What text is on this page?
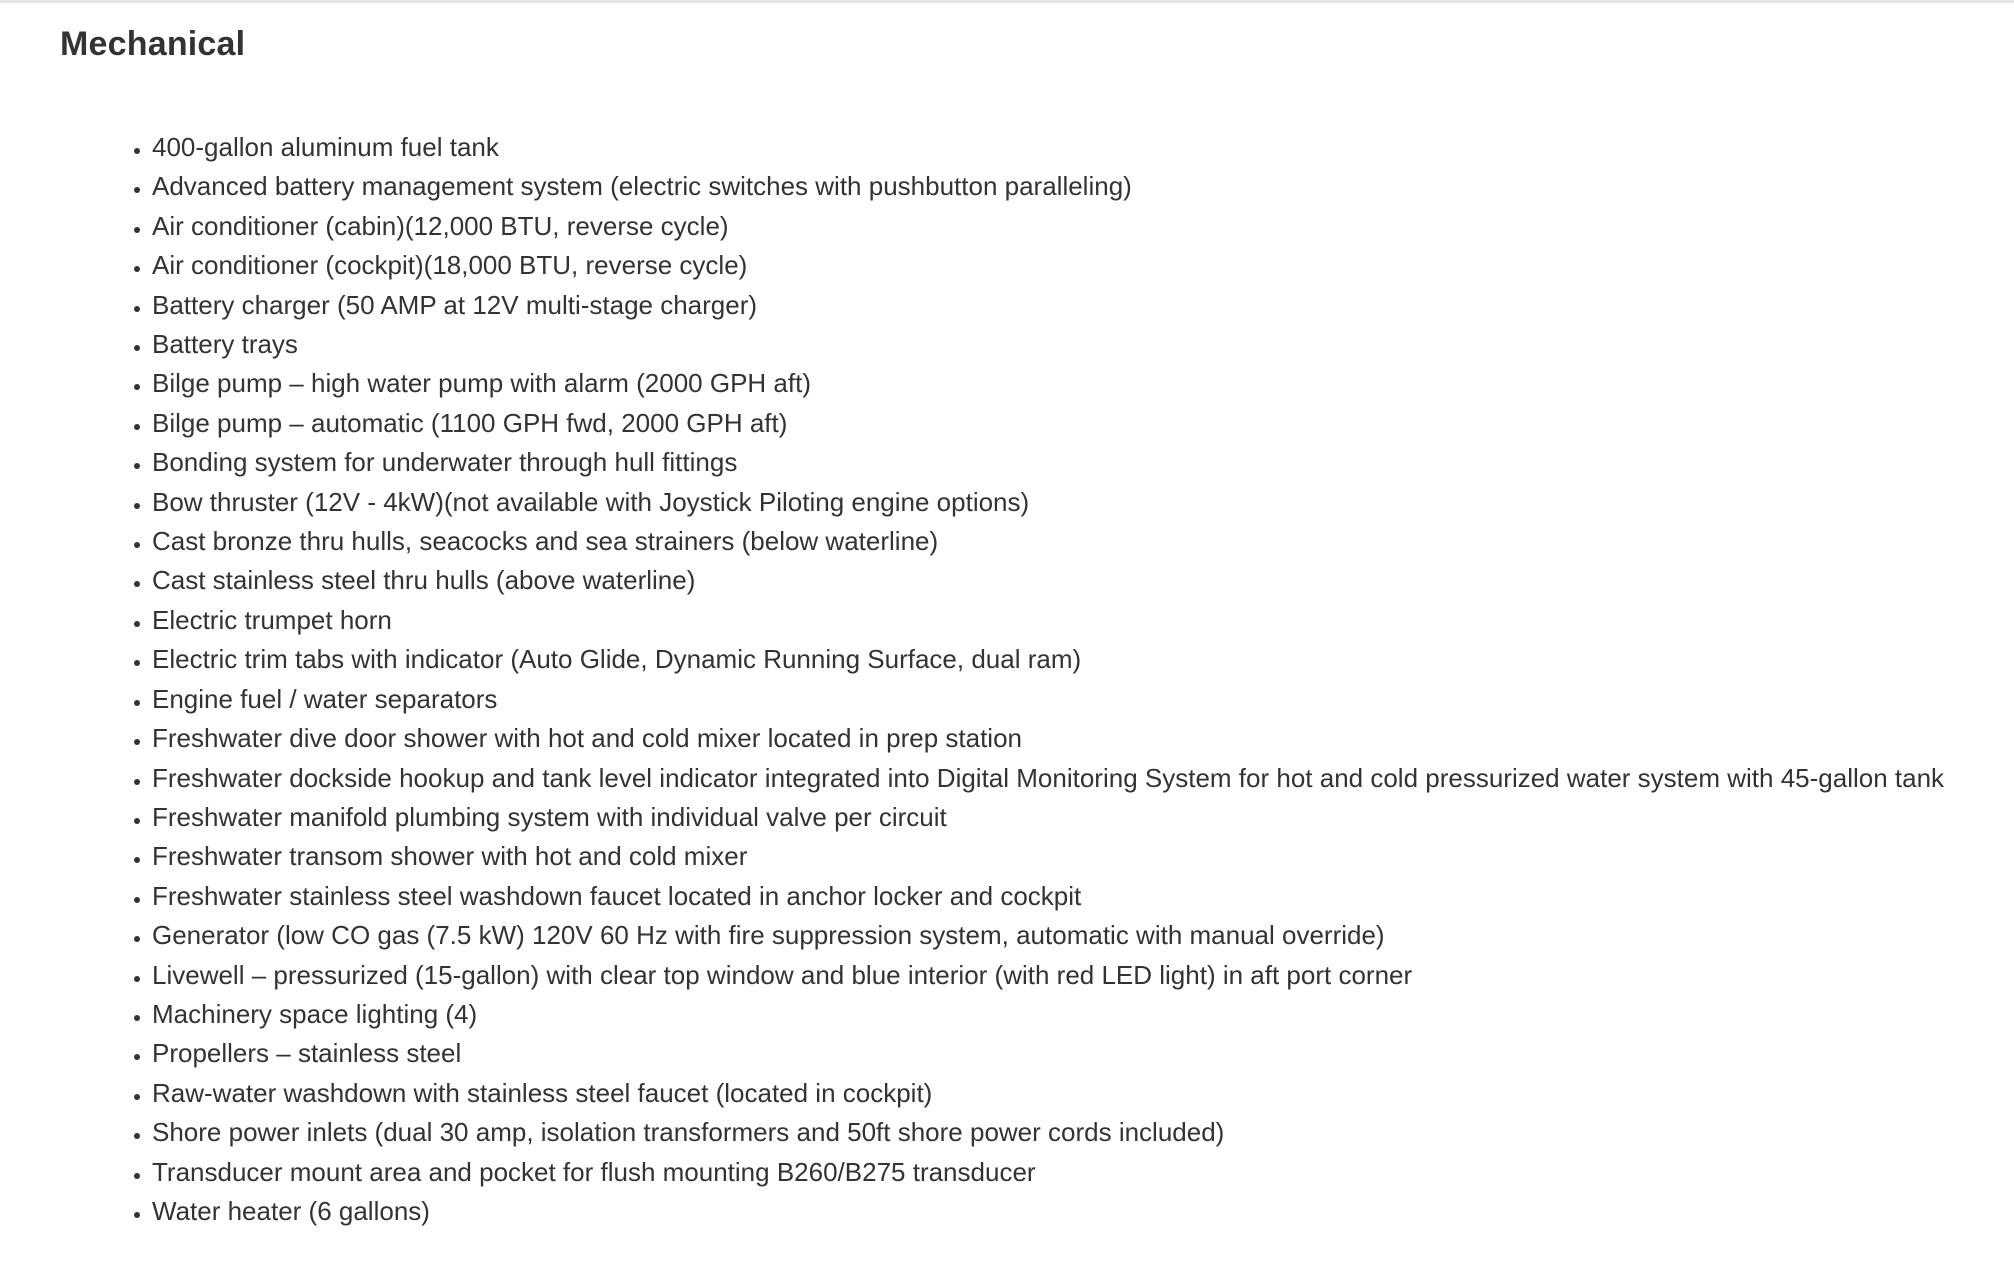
Mechanical
• 400-gallon aluminum fuel tank
• Advanced battery management system (electric switches with pushbutton paralleling)
• Air conditioner (cabin)(12,000 BTU, reverse cycle)
• Air conditioner (cockpit)(18,000 BTU, reverse cycle)
• Battery charger (50 AMP at 12V multi-stage charger)
• Battery trays
• Bilge pump – high water pump with alarm (2000 GPH aft)
• Bilge pump – automatic (1100 GPH fwd, 2000 GPH aft)
• Bonding system for underwater through hull fittings
• Bow thruster (12V - 4kW)(not available with Joystick Piloting engine options)
• Cast bronze thru hulls, seacocks and sea strainers (below waterline)
• Cast stainless steel thru hulls (above waterline)
• Electric trumpet horn
• Electric trim tabs with indicator (Auto Glide, Dynamic Running Surface, dual ram)
• Engine fuel / water separators
• Freshwater dive door shower with hot and cold mixer located in prep station
• Freshwater dockside hookup and tank level indicator integrated into Digital Monitoring System for hot and cold pressurized water system with 45-gallon tank
• Freshwater manifold plumbing system with individual valve per circuit
• Freshwater transom shower with hot and cold mixer
• Freshwater stainless steel washdown faucet located in anchor locker and cockpit
• Generator (low CO gas (7.5 kW) 120V 60 Hz with fire suppression system, automatic with manual override)
• Livewell – pressurized (15-gallon) with clear top window and blue interior (with red LED light) in aft port corner
• Machinery space lighting (4)
• Propellers – stainless steel
• Raw-water washdown with stainless steel faucet (located in cockpit)
• Shore power inlets (dual 30 amp, isolation transformers and 50ft shore power cords included)
• Transducer mount area and pocket for flush mounting B260/B275 transducer
• Water heater (6 gallons)
